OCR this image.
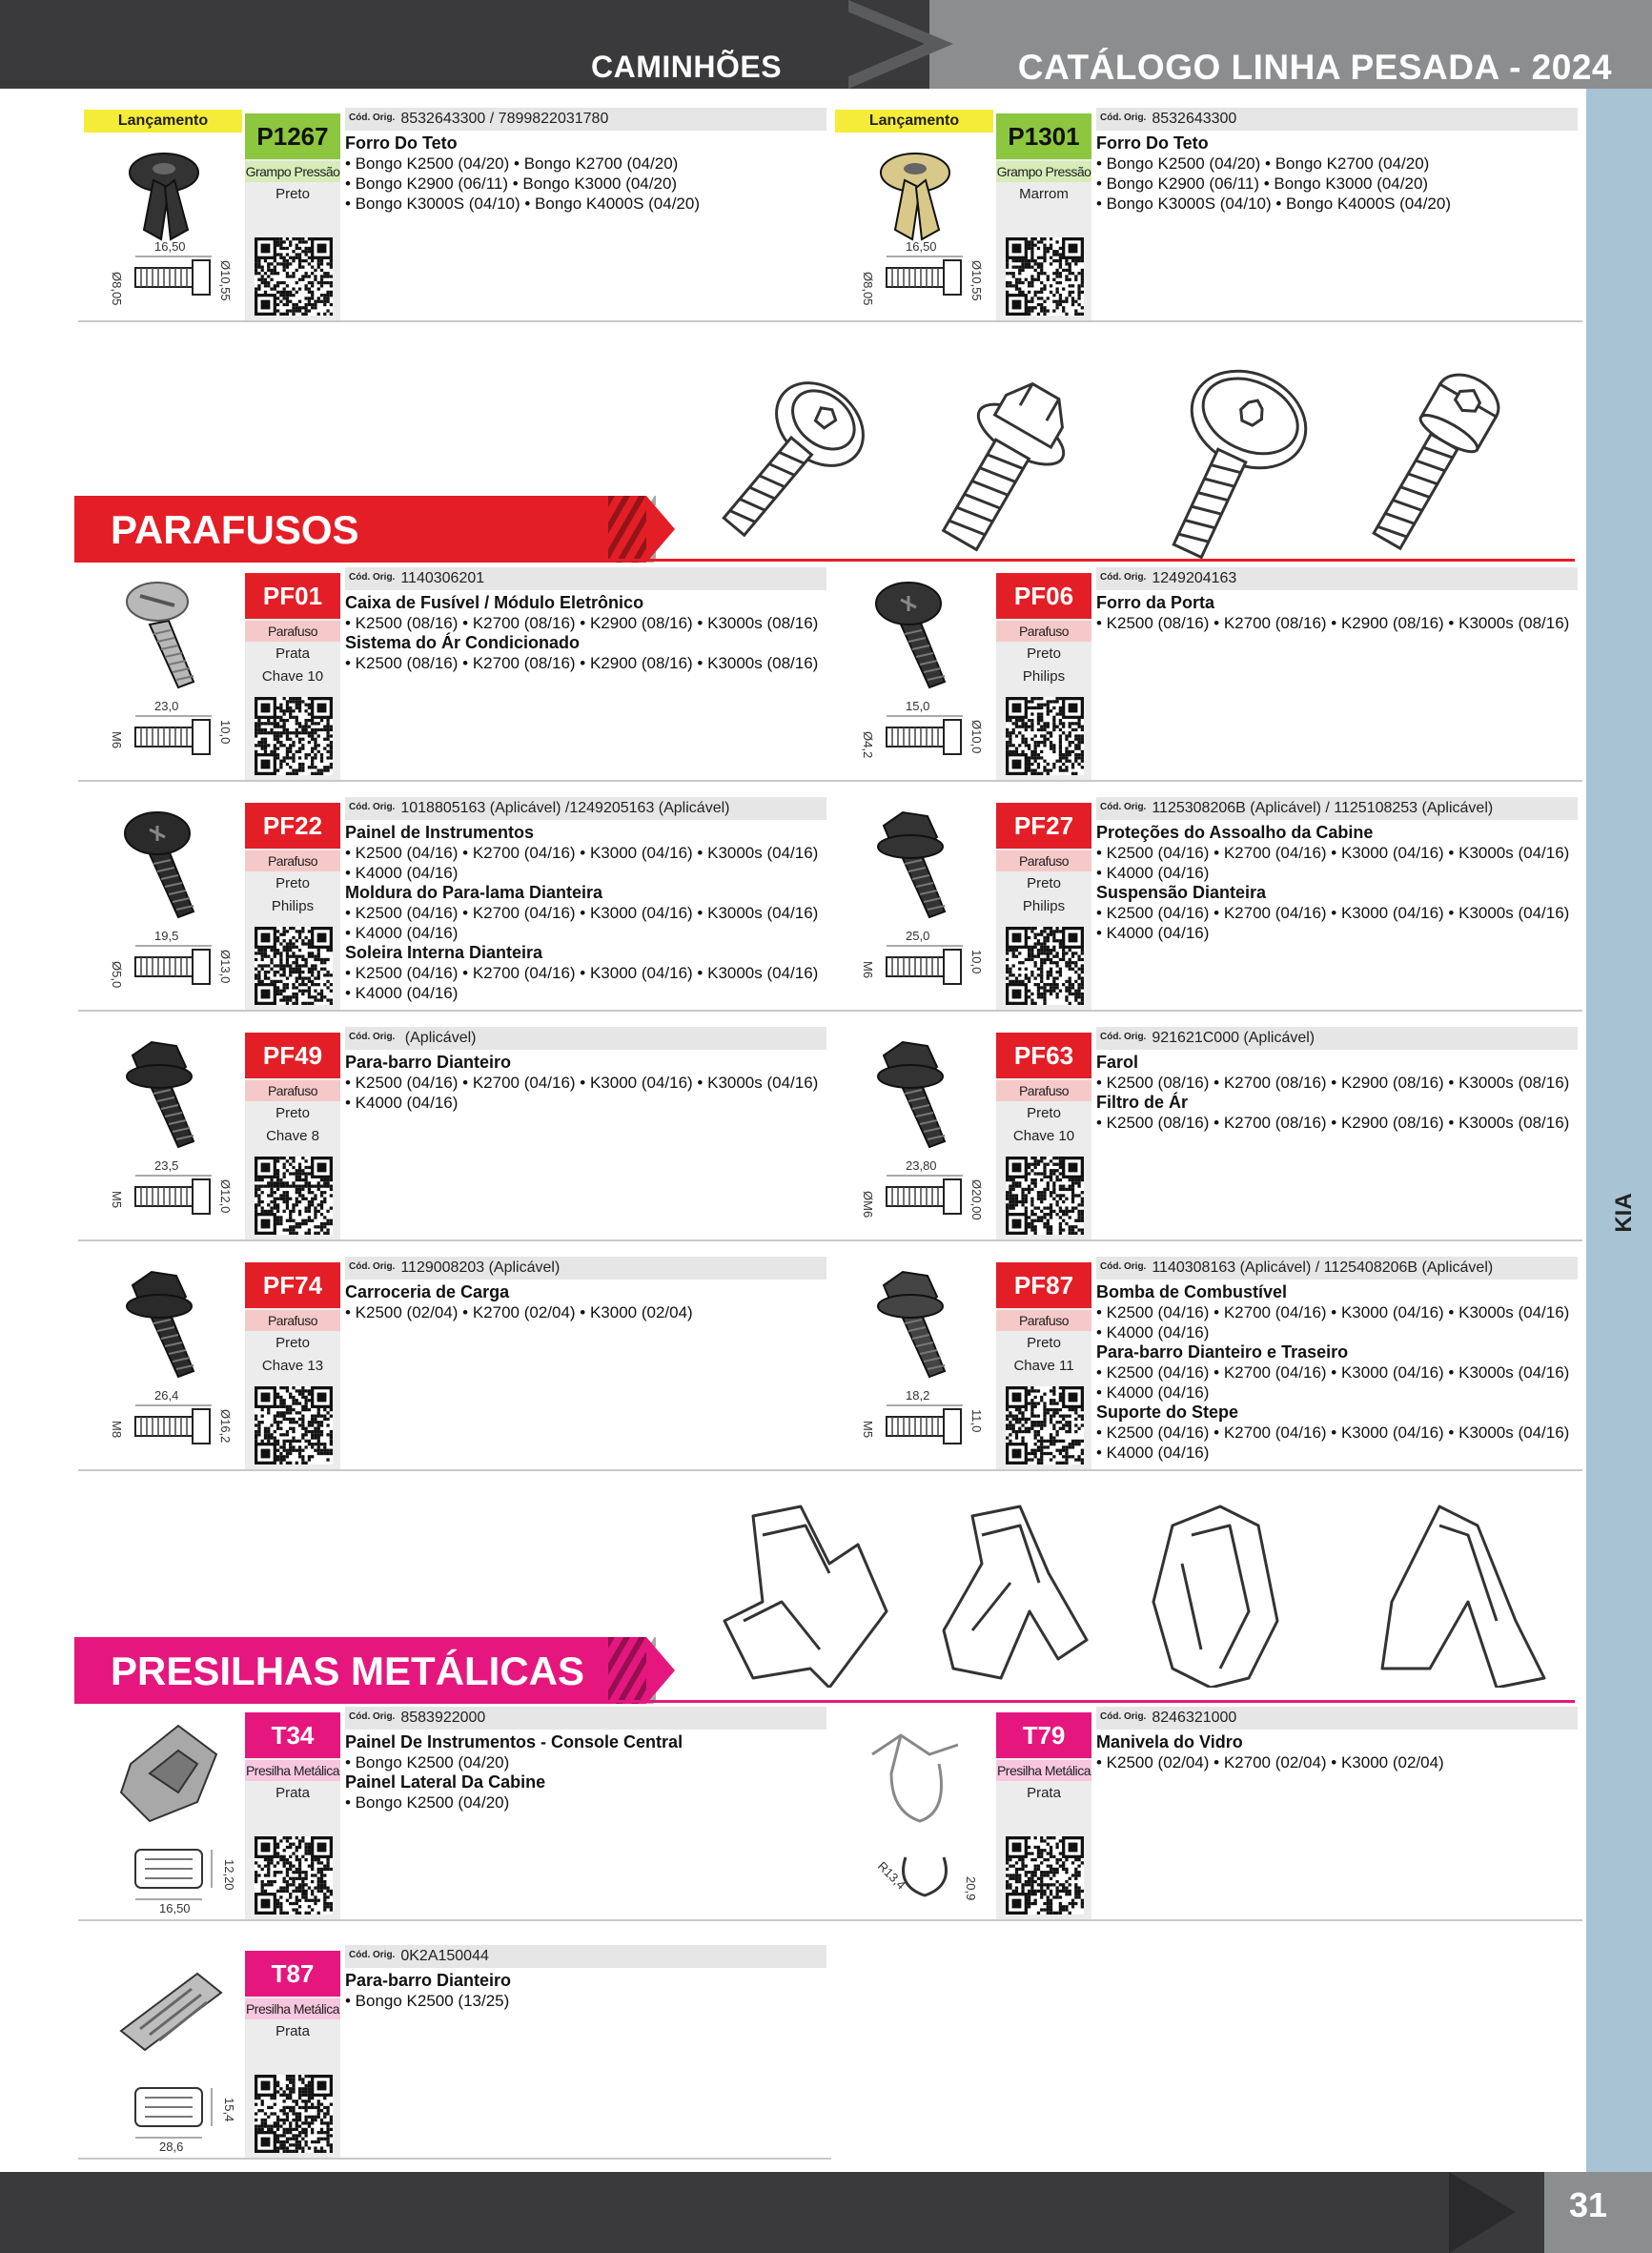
CAMINHÕES	CATÁLOGO LINHA PESADA - 2024
KIA
PARAFUSOS
PRESILHAS METÁLICAS
Lançamento
16,50
Ø8,05	Ø10,55
P1267
Grampo Pressão
Preto
Cód. Orig. 8532643300 / 7899822031780
Forro Do Teto
• Bongo K2500 (04/20) • Bongo K2700 (04/20)
• Bongo K2900 (06/11) • Bongo K3000 (04/20)
• Bongo K3000S (04/10) • Bongo K4000S (04/20)
Lançamento
16,50
Ø8,05	Ø10,55
P1301
Grampo Pressão
Marrom
Cód. Orig. 8532643300
Forro Do Teto
• Bongo K2500 (04/20) • Bongo K2700 (04/20)
• Bongo K2900 (06/11) • Bongo K3000 (04/20)
• Bongo K3000S (04/10) • Bongo K4000S (04/20)
23,0
M6	10,0
PF01
Parafuso
Prata
Chave 10
Cód. Orig. 1140306201
Caixa de Fusível / Módulo Eletrônico
• K2500 (08/16) • K2700 (08/16) • K2900 (08/16) • K3000s (08/16)
Sistema do Ár Condicionado
• K2500 (08/16) • K2700 (08/16) • K2900 (08/16) • K3000s (08/16)
15,0
Ø4,2	Ø10,0
PF06
Parafuso
Preto
Philips
Cód. Orig. 1249204163
Forro da Porta
• K2500 (08/16) • K2700 (08/16) • K2900 (08/16) • K3000s (08/16)
19,5
Ø5,0	Ø13,0
PF22
Parafuso
Preto
Philips
Cód. Orig. 1018805163 (Aplicável) /1249205163 (Aplicável)
Painel de Instrumentos
• K2500 (04/16) • K2700 (04/16) • K3000 (04/16) • K3000s (04/16)
• K4000 (04/16)
Moldura do Para-lama Dianteira
• K2500 (04/16) • K2700 (04/16) • K3000 (04/16) • K3000s (04/16)
• K4000 (04/16)
Soleira Interna Dianteira
• K2500 (04/16) • K2700 (04/16) • K3000 (04/16) • K3000s (04/16)
• K4000 (04/16)
25,0
M6	10,0
PF27
Parafuso
Preto
Philips
Cód. Orig. 1125308206B (Aplicável) / 1125108253 (Aplicável)
Proteções do Assoalho da Cabine
• K2500 (04/16) • K2700 (04/16) • K3000 (04/16) • K3000s (04/16)
• K4000 (04/16)
Suspensão Dianteira
• K2500 (04/16) • K2700 (04/16) • K3000 (04/16) • K3000s (04/16)
• K4000 (04/16)
23,5
M5	Ø12,0
PF49
Parafuso
Preto
Chave 8
Cód. Orig. (Aplicável)
Para-barro Dianteiro
• K2500 (04/16) • K2700 (04/16) • K3000 (04/16) • K3000s (04/16)
• K4000 (04/16)
23,80
ØM6	Ø20,00
PF63
Parafuso
Preto
Chave 10
Cód. Orig. 921621C000 (Aplicável)
Farol
• K2500 (08/16) • K2700 (08/16) • K2900 (08/16) • K3000s (08/16)
Filtro de Ár
• K2500 (08/16) • K2700 (08/16) • K2900 (08/16) • K3000s (08/16)
26,4
M8	Ø16,2
PF74
Parafuso
Preto
Chave 13
Cód. Orig. 1129008203 (Aplicável)
Carroceria de Carga
• K2500 (02/04) • K2700 (02/04) • K3000 (02/04)
18,2
M5	11,0
PF87
Parafuso
Preto
Chave 11
Cód. Orig. 1140308163 (Aplicável) / 1125408206B (Aplicável)
Bomba de Combustível
• K2500 (04/16) • K2700 (04/16) • K3000 (04/16) • K3000s (04/16)
• K4000 (04/16)
Para-barro Dianteiro e Traseiro
• K2500 (04/16) • K2700 (04/16) • K3000 (04/16) • K3000s (04/16)
• K4000 (04/16)
Suporte do Stepe
• K2500 (04/16) • K2700 (04/16) • K3000 (04/16) • K3000s (04/16)
• K4000 (04/16)
16,50
12,20
T34
Presilha Metálica
Prata
Cód. Orig. 8583922000
Painel De Instrumentos - Console Central
• Bongo K2500 (04/20)
Painel Lateral Da Cabine
• Bongo K2500 (04/20)
R13,4	20,9
T79
Presilha Metálica
Prata
Cód. Orig. 8246321000
Manivela do Vidro
• K2500 (02/04) • K2700 (02/04) • K3000 (02/04)
28,6
15,4
T87
Presilha Metálica
Prata
Cód. Orig. 0K2A150044
Para-barro Dianteiro
• Bongo K2500 (13/25)
31
